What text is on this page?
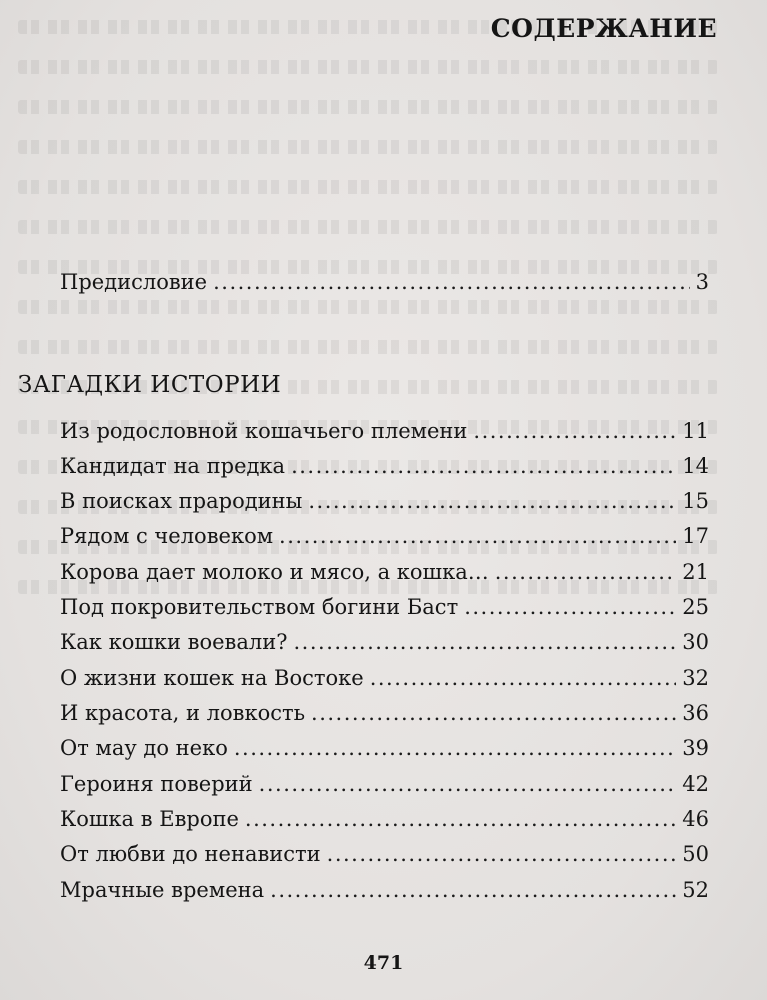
СОДЕРЖАНИЕ
Предисловие .....	3
ЗАГАДКИ ИСТОРИИ
Из родословной кошачьего племени .....	11
Кандидат на предка .....	14
В поисках прародины .....	15
Рядом с человеком .....	17
Корова дает молоко и мясо, а кошка… .....	21
Под покровительством богини Баст .....	25
Как кошки воевали? .....	30
О жизни кошек на Востоке .....	32
И красота, и ловкость .....	36
От мау до неко .....	39
Героиня поверий .....	42
Кошка в Европе .....	46
От любви до ненависти .....	50
Мрачные времена .....	52
471
